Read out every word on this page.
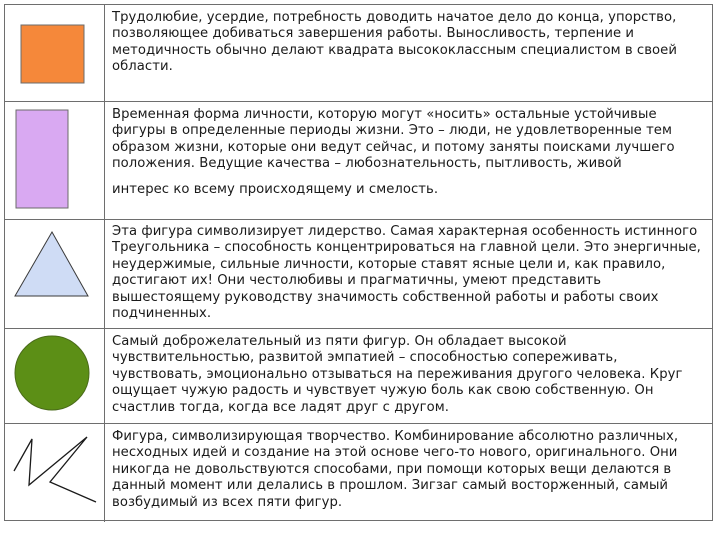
Трудолюбие, усердие, потребность доводить начатое дело до конца, упорство, позволяющее добиваться завершения работы. Выносливость, терпение и методичность обычно делают квадрата высококлассным специалистом в своей области.

Временная форма личности, которую могут «носить» остальные устойчивые фигуры в определенные периоды жизни. Это – люди, не удовлетворенные тем образом жизни, которые они ведут сейчас, и потому заняты поисками лучшего положения. Ведущие качества – любознательность, пытливость, живой

интерес ко всему происходящему и смелость.

Эта фигура символизирует лидерство. Самая характерная особенность истинного Треугольника – способность концентрироваться на главной цели. Это энергичные, неудержимые, сильные личности, которые ставят ясные цели и, как правило, достигают их! Они честолюбивы и прагматичны, умеют представить вышестоящему руководству значимость собственной работы и работы своих подчиненных.

Самый доброжелательный из пяти фигур. Он обладает высокой чувствительностью, развитой эмпатией – способностью сопереживать, чувствовать, эмоционально отзываться на переживания другого человека. Круг ощущает чужую радость и чувствует чужую боль как свою собственную. Он счастлив тогда, когда все ладят друг с другом.

Фигура, символизирующая творчество. Комбинирование абсолютно различных, несходных идей и создание на этой основе чего-то нового, оригинального. Они никогда не довольствуются способами, при помощи которых вещи делаются в данный момент или делались в прошлом. Зигзаг самый восторженный, самый возбудимый из всех пяти фигур.
